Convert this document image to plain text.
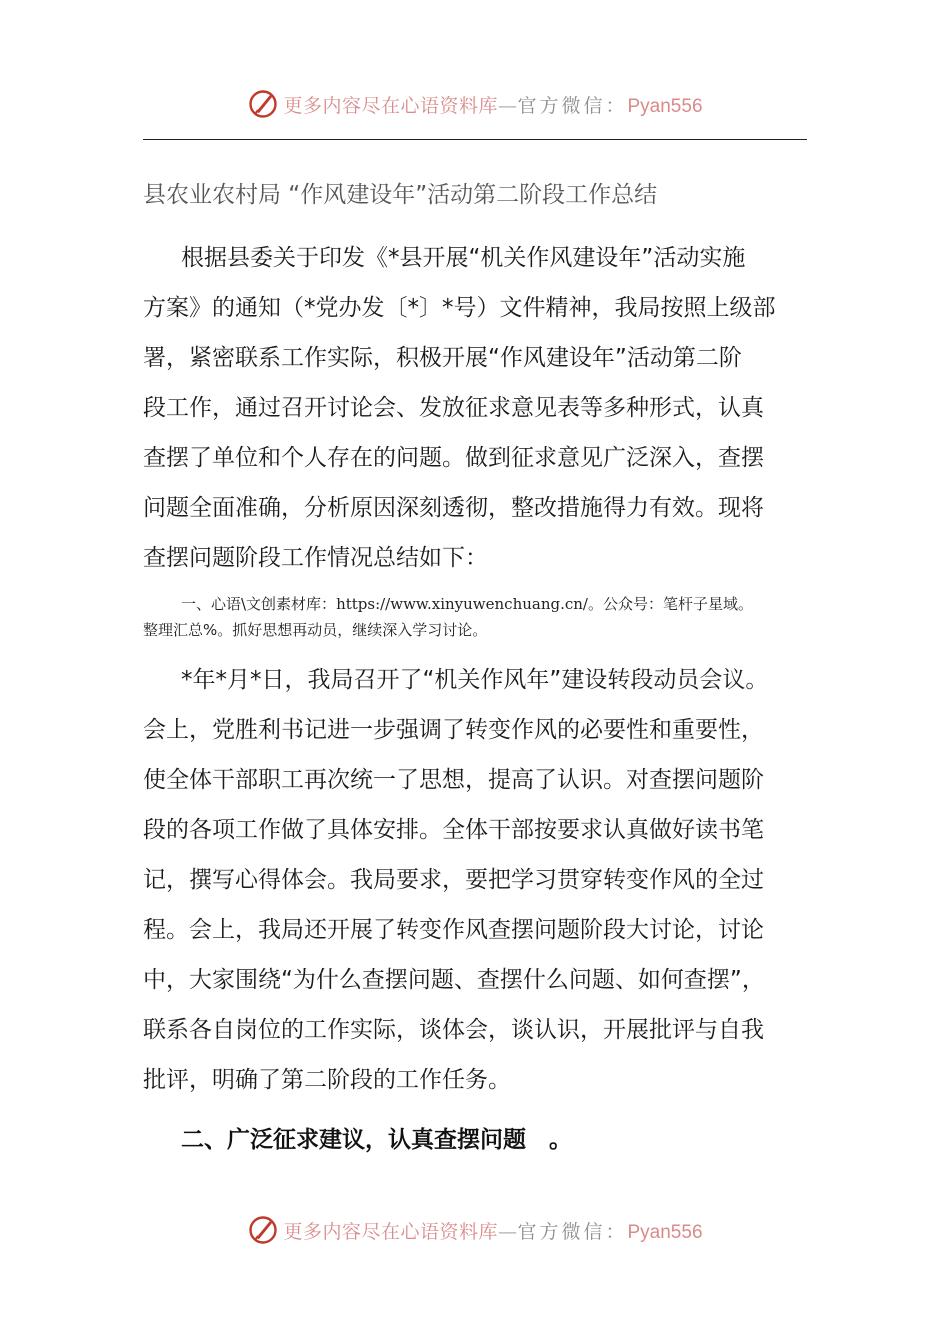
更多内容尽在心语资料库—官方微信：Pyan556
县农业农村局 “作风建设年”活动第二阶段工作总结
根据县委关于印发《*县开展“机关作风建设年”活动实施
方案》的通知（*党办发〔*〕*号）文件精神，我局按照上级部
署，紧密联系工作实际，积极开展“作风建设年”活动第二阶
段工作，通过召开讨论会、发放征求意见表等多种形式，认真
查摆了单位和个人存在的问题。做到征求意见广泛深入，查摆
问题全面准确，分析原因深刻透彻，整改措施得力有效。现将
查摆问题阶段工作情况总结如下：
一、心语\文创素材库：https://www.xinyuwenchuang.cn/。公众号：笔杆子星域。
整理汇总%。抓好思想再动员，继续深入学习讨论。
*年*月*日，我局召开了“机关作风年”建设转段动员会议。
会上，党胜利书记进一步强调了转变作风的必要性和重要性，
使全体干部职工再次统一了思想，提高了认识。对查摆问题阶
段的各项工作做了具体安排。全体干部按要求认真做好读书笔
记，撰写心得体会。我局要求，要把学习贯穿转变作风的全过
程。会上，我局还开展了转变作风查摆问题阶段大讨论，讨论
中，大家围绕“为什么查摆问题、查摆什么问题、如何查摆”，
联系各自岗位的工作实际，谈体会，谈认识，开展批评与自我
批评，明确了第二阶段的工作任务。
二、广泛征求建议，认真查摆问题　。
更多内容尽在心语资料库—官方微信：Pyan556
